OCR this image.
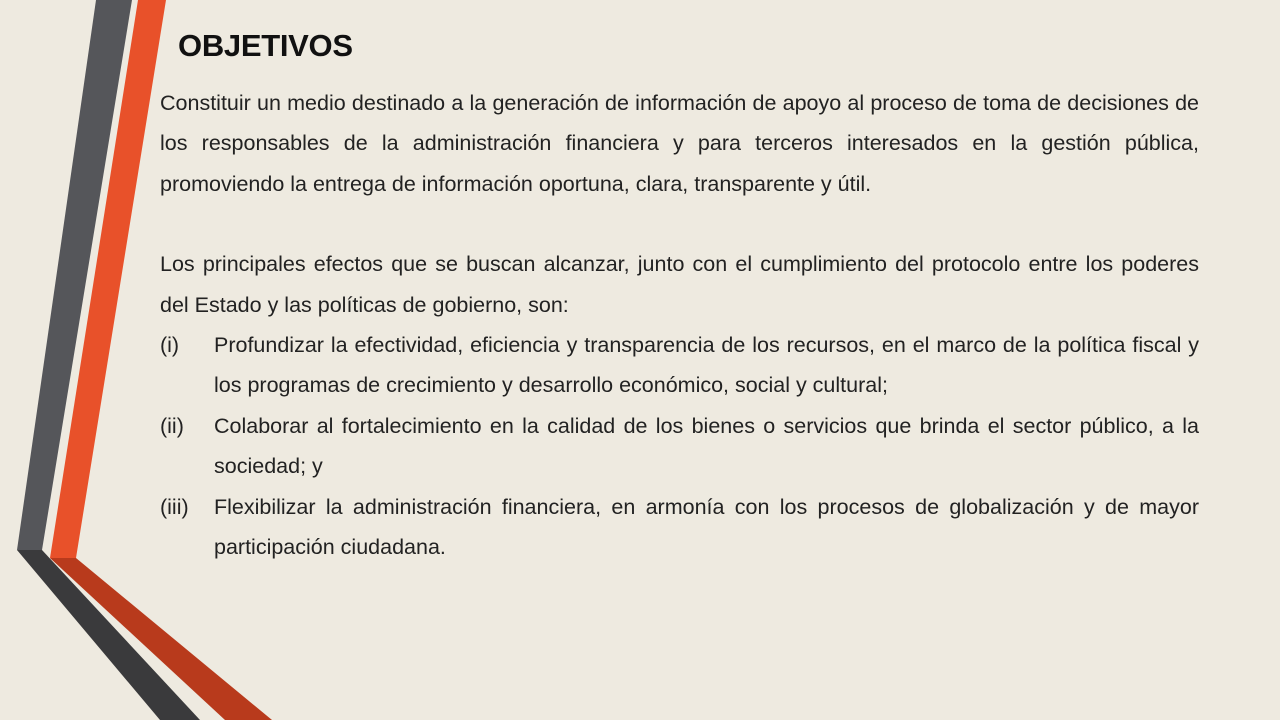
OBJETIVOS

Constituir un medio destinado a la generación de información de apoyo al proceso de toma de decisiones de los responsables de la administración financiera y para terceros interesados en la gestión pública, promoviendo la entrega de información oportuna, clara, transparente y útil.

Los principales efectos que se buscan alcanzar, junto con el cumplimiento del protocolo entre los poderes del Estado y las políticas de gobierno, son:

(i)	Profundizar la efectividad, eficiencia y transparencia de los recursos, en el marco de la política fiscal y los programas de crecimiento y desarrollo económico, social y cultural;
(ii)	Colaborar al fortalecimiento en la calidad de los bienes o servicios que brinda el sector público, a la sociedad; y
(iii)	Flexibilizar la administración financiera, en armonía con los procesos de globalización y de mayor participación ciudadana.
